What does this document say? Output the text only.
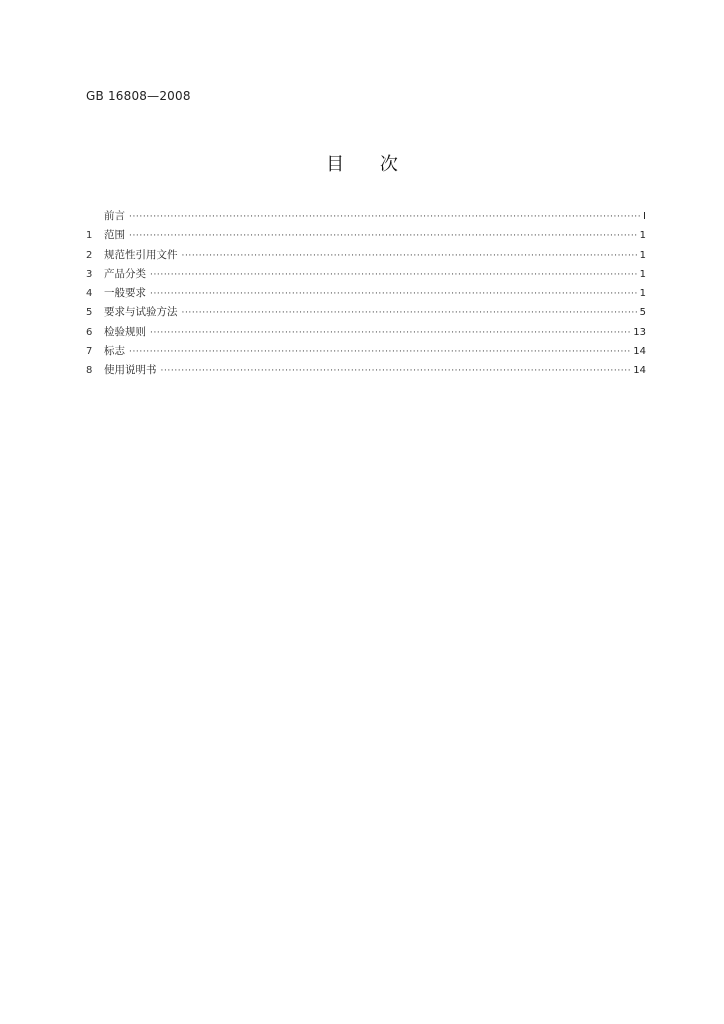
GB 16808—2008
目 次
前言 ·····	Ⅰ
1	范围 ·····	1
2	规范性引用文件 ·····	1
3	产品分类 ·····	1
4	一般要求 ·····	1
5	要求与试验方法 ·····	5
6	检验规则 ·····	13
7	标志 ·····	14
8	使用说明书 ·····	14
